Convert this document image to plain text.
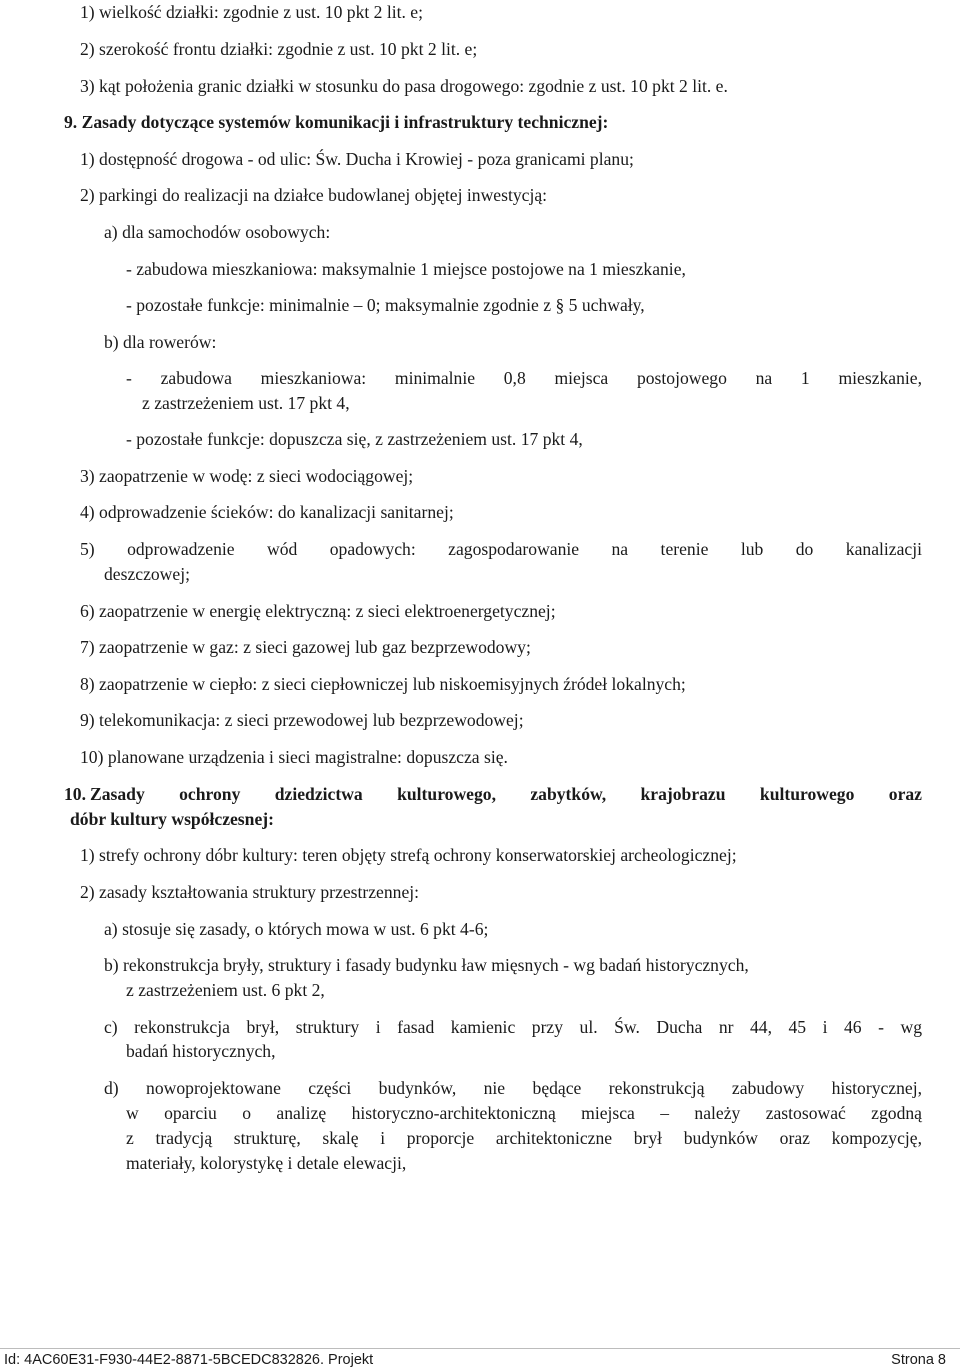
1) wielkość działki: zgodnie z ust. 10 pkt 2 lit. e;
2) szerokość frontu działki: zgodnie z ust. 10 pkt 2 lit. e;
3) kąt położenia granic działki w stosunku do pasa drogowego: zgodnie z ust. 10 pkt 2 lit. e.
9. Zasady dotyczące systemów komunikacji i infrastruktury technicznej:
1) dostępność drogowa - od ulic: Św. Ducha i Krowiej - poza granicami planu;
2) parkingi do realizacji na działce budowlanej objętej inwestycją:
a) dla samochodów osobowych:
- zabudowa mieszkaniowa: maksymalnie 1 miejsce postojowe na 1 mieszkanie,
- pozostałe funkcje: minimalnie – 0; maksymalnie zgodnie z § 5 uchwały,
b) dla rowerów:
- zabudowa mieszkaniowa: minimalnie 0,8 miejsca postojowego na 1 mieszkanie,
z zastrzeżeniem ust. 17 pkt 4,
- pozostałe funkcje: dopuszcza się, z zastrzeżeniem ust. 17 pkt 4,
3) zaopatrzenie w wodę: z sieci wodociągowej;
4) odprowadzenie ścieków: do kanalizacji sanitarnej;
5) odprowadzenie wód opadowych: zagospodarowanie na terenie lub do kanalizacji
deszczowej;
6) zaopatrzenie w energię elektryczną: z sieci elektroenergetycznej;
7) zaopatrzenie w gaz: z sieci gazowej lub gaz bezprzewodowy;
8) zaopatrzenie w ciepło: z sieci ciepłowniczej lub niskoemisyjnych źródeł lokalnych;
9) telekomunikacja: z sieci przewodowej lub bezprzewodowej;
10) planowane urządzenia i sieci magistralne: dopuszcza się.
10. Zasady ochrony dziedzictwa kulturowego, zabytków, krajobrazu kulturowego oraz
dóbr kultury współczesnej:
1) strefy ochrony dóbr kultury: teren objęty strefą ochrony konserwatorskiej archeologicznej;
2) zasady kształtowania struktury przestrzennej:
a) stosuje się zasady, o których mowa w ust. 6 pkt 4-6;
b) rekonstrukcja bryły, struktury i fasady budynku ław mięsnych - wg badań historycznych,
z zastrzeżeniem ust. 6 pkt 2,
c) rekonstrukcja brył, struktury i fasad kamienic przy ul. Św. Ducha nr 44, 45 i 46 - wg
badań historycznych,
d) nowoprojektowane części budynków, nie będące rekonstrukcją zabudowy historycznej,
w oparciu o analizę historyczno-architektoniczną miejsca – należy zastosować zgodną
z tradycją strukturę, skalę i proporcje architektoniczne brył budynków oraz kompozycję,
materiały, kolorystykę i detale elewacji,
Id: 4AC60E31-F930-44E2-8871-5BCEDC832826. Projekt	Strona 8
